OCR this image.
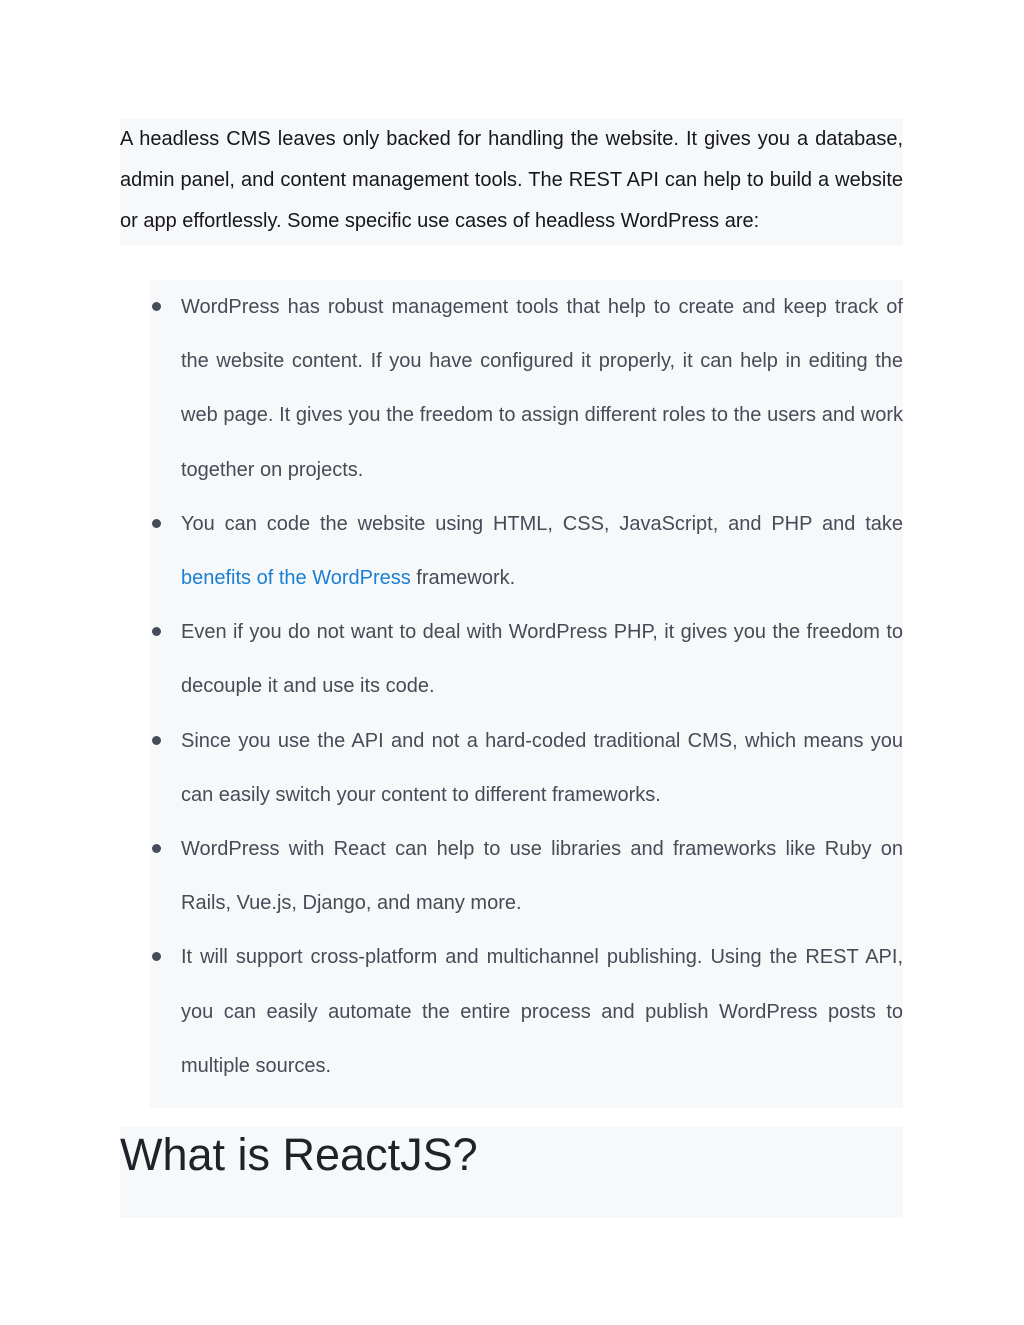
A headless CMS leaves only backed for handling the website. It gives you a database, admin panel, and content management tools. The REST API can help to build a website or app effortlessly. Some specific use cases of headless WordPress are:

WordPress has robust management tools that help to create and keep track of the website content. If you have configured it properly, it can help in editing the web page. It gives you the freedom to assign different roles to the users and work together on projects.
You can code the website using HTML, CSS, JavaScript, and PHP and take benefits of the WordPress framework.
Even if you do not want to deal with WordPress PHP, it gives you the freedom to decouple it and use its code.
Since you use the API and not a hard-coded traditional CMS, which means you can easily switch your content to different frameworks.
WordPress with React can help to use libraries and frameworks like Ruby on Rails, Vue.js, Django, and many more.
It will support cross-platform and multichannel publishing. Using the REST API, you can easily automate the entire process and publish WordPress posts to multiple sources.
What is ReactJS?
